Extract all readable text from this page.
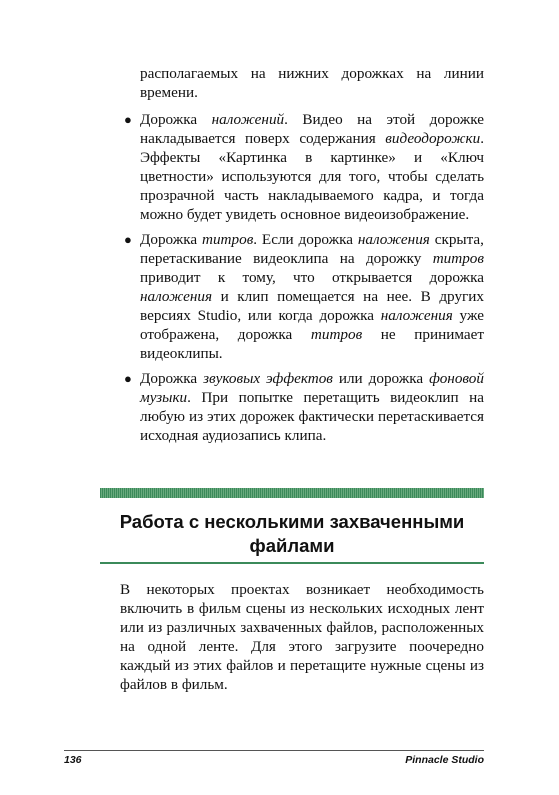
располагаемых на нижних дорожках на линии времени.

● Дорожка наложений. Видео на этой дорожке накладывается поверх содержания видеодорожки. Эффекты «Картинка в картинке» и «Ключ цветности» используются для того, чтобы сделать прозрачной часть накладываемого кадра, и тогда можно будет увидеть основное видеоизображение.

● Дорожка титров. Если дорожка наложения скрыта, перетаскивание видеоклипа на дорожку титров приводит к тому, что открывается дорожка наложения и клип помещается на нее. В других версиях Studio, или когда дорожка наложения уже отображена, дорожка титров не принимает видеоклипы.

● Дорожка звуковых эффектов или дорожка фоновой музыки. При попытке перетащить видеоклип на любую из этих дорожек фактически перетаскивается исходная аудиозапись клипа.

Работа с несколькими захваченными файлами

В некоторых проектах возникает необходимость включить в фильм сцены из нескольких исходных лент или из различных захваченных файлов, расположенных на одной ленте. Для этого загрузите поочередно каждый из этих файлов и перетащите нужные сцены из файлов в фильм.

136	Pinnacle Studio
